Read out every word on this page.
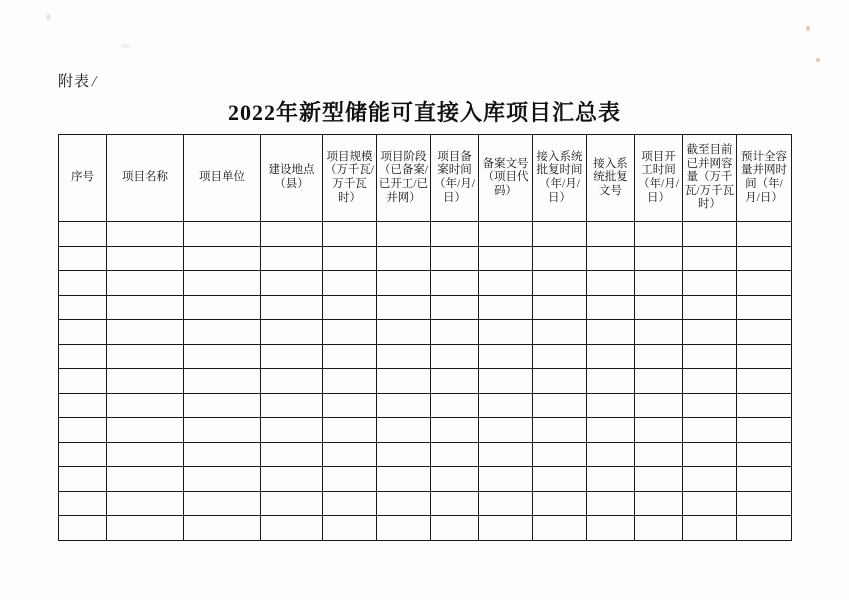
附表/
2022年新型储能可直接入库项目汇总表
序号	项目名称	项目单位	建设地点（县）	项目规模（万千瓦/万千瓦时）	项目阶段（已备案/已开工/已并网）	项目备案时间（年/月/日）	备案文号（项目代码）	接入系统批复时间（年/月/日）	接入系统批复文号	项目开工时间（年/月/日）	截至目前已并网容量（万千瓦/万千瓦时）	预计全容量并网时间（年/月/日）
